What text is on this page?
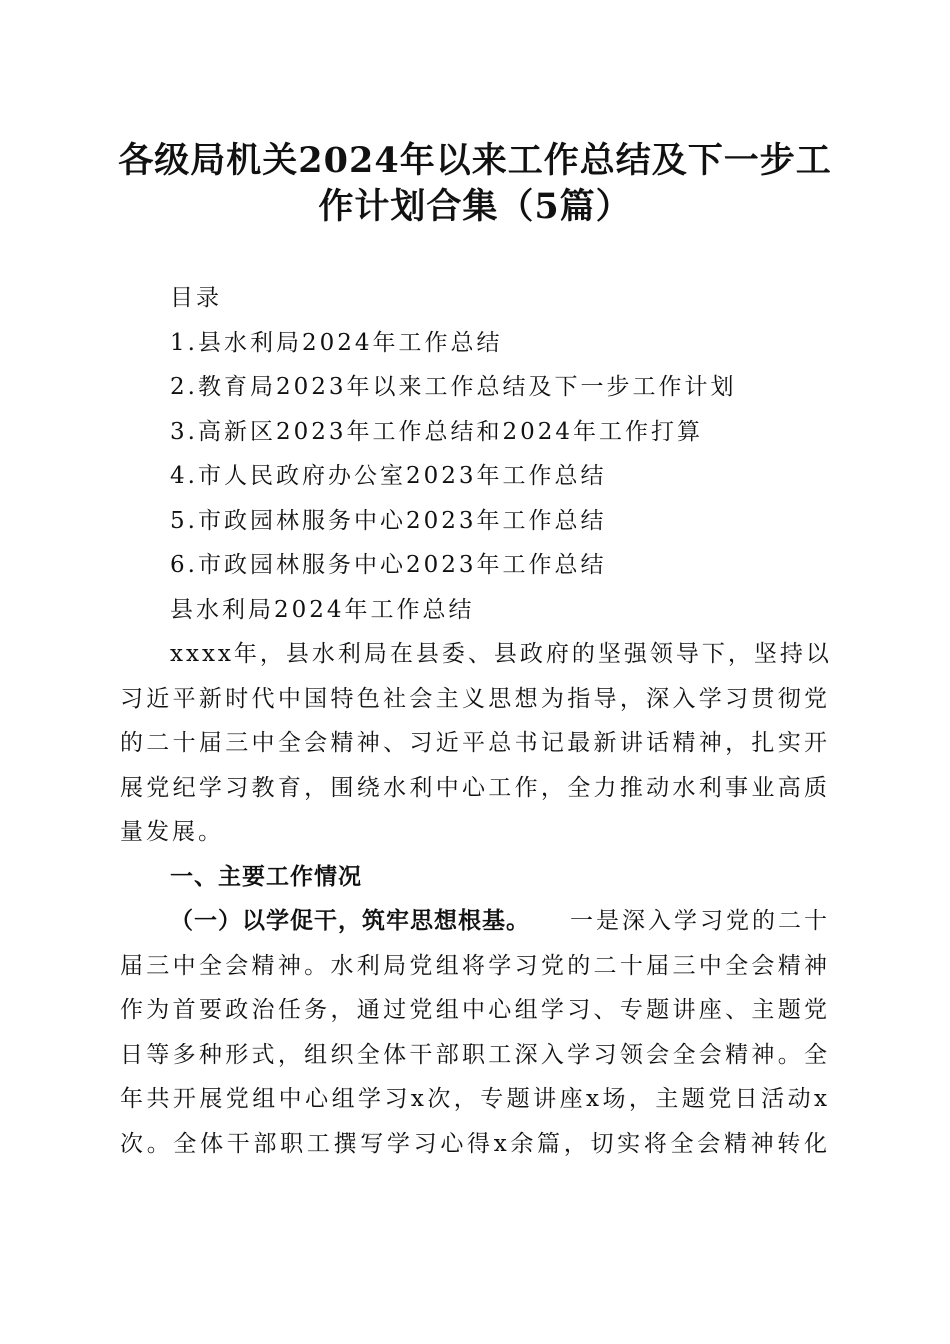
各级局机关2024年以来工作总结及下一步工
作计划合集（5篇）
目录
1.县水利局2024年工作总结
2.教育局2023年以来工作总结及下一步工作计划
3.高新区2023年工作总结和2024年工作打算
4.市人民政府办公室2023年工作总结
5.市政园林服务中心2023年工作总结
6.市政园林服务中心2023年工作总结
县水利局2024年工作总结
xxxx年，县水利局在县委、县政府的坚强领导下，坚持以
习近平新时代中国特色社会主义思想为指导，深入学习贯彻党
的二十届三中全会精神、习近平总书记最新讲话精神，扎实开
展党纪学习教育，围绕水利中心工作，全力推动水利事业高质
量发展。
一、主要工作情况
（一）以学促干，筑牢思想根基。 一是深入学习党的二十
届三中全会精神。水利局党组将学习党的二十届三中全会精神
作为首要政治任务，通过党组中心组学习、专题讲座、主题党
日等多种形式，组织全体干部职工深入学习领会全会精神。全
年共开展党组中心组学习x次，专题讲座x场，主题党日活动x
次。全体干部职工撰写学习心得x余篇，切实将全会精神转化
